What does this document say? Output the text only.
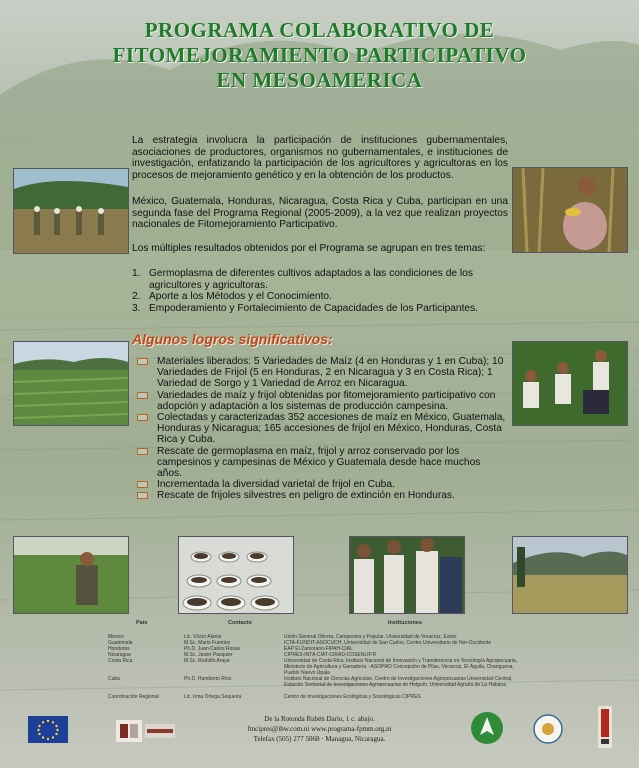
PROGRAMA COLABORATIVO DE
FITOMEJORAMIENTO PARTICIPATIVO
EN MESOAMERICA
La estrategia involucra la participación de instituciones gubernamentales, asociaciones de productores, organismos no gubernamentales, e instituciones de investigación, enfatizando la participación de los agricultores y agricultoras en los procesos de mejoramiento genético y en la obtención de los productos.
México, Guatemala, Honduras, Nicaragua, Costa Rica y Cuba, participan en una segunda fase del Programa Regional (2005-2009), a la vez que realizan proyectos nacionales de Fitomejoramiento Participativo.
Los múltiples resultados obtenidos por el Programa se agrupan en tres temas:
1. Germoplasma de diferentes cultivos adaptados a las condiciones de los agricultores y agricultoras.
2. Aporte a los Métodos y el Conocimiento.
3. Empoderamiento y Fortalecimiento de Capacidades de los Participantes.
Algunos logros significativos:
Materiales liberados: 5 Variedades de Maíz (4 en Honduras y 1 en Cuba); 10 Variedades de Frijol (5 en Honduras, 2 en Nicaragua y 3 en Costa Rica); 1 Variedad de Sorgo y 1 Variedad de Arroz en Nicaragua.
Variedades de maíz y frijol obtenidas por fitomejoramiento participativo con adopción y adaptación a los sistemas de producción campesina.
Colectadas y caracterizadas 352 accesiones de maíz en México, Guatemala, Honduras y Nicaragua; 165 accesiones de frijol en México, Honduras, Costa Rica y Cuba.
Rescate de germoplasma en maíz, frijol y arroz conservado por los campesinos y campesinas de México y Guatemala desde hace muchos años.
Incrementada la diversidad varietal de frijol en Cuba.
Rescate de frijoles silvestres en peligro de extinción en Honduras.
País	Contacto	Instituciones
México	Lic. Víctor Alanís	Unión General Obrera, Campesina y Popular, Universidad de Veracruz, Estos.
Guatemala	M.Sc. Mario Fuentes	ICTA-FUNDIT-ASOCUCH, Universidad de San Carlos, Centro Universitario de Nor-Occidente
Honduras	Ph.D. Juan Carlos Rosas	EAP El Zamorano-FIPAH-CIAL
Nicaragua	M.Sc. Javier Pasquier	CIPRES-INTA-CIAT-CIRAD-COSENLIP.R
Costa Rica	M.Sc. Rodolfo Araya	Universidad de Costa Rica, Instituto Nacional de Innovación y Transferencia en Tecnología Agropecuaria, Ministerio de Agricultura y Ganadería - ASOPRO Concepción de Pilas, Veracruz, El Águila, Changuena, Pueblo Nuevo Upala
Cuba	Ph.D. Humberto Ríos	Instituto Nacional de Ciencias Agrícolas, Centro de Investigaciones Agropecuarias Universidad Central, Estación Territorial de Investigaciones Agropecuarias de Holguín, Universidad Agraria de La Habana
Coordinación Regional	Lic. Irma Ortega Sequeira	Centro de Investigaciones Ecológicas y Sociológicas CIPRES
De la Rotonda Rubén Darío, 1 c. abajo.
fmcipres@ibw.com.ni www.programa-fpmm.org.ni
Telefax (505) 277 5068 · Managua, Nicaragua.
